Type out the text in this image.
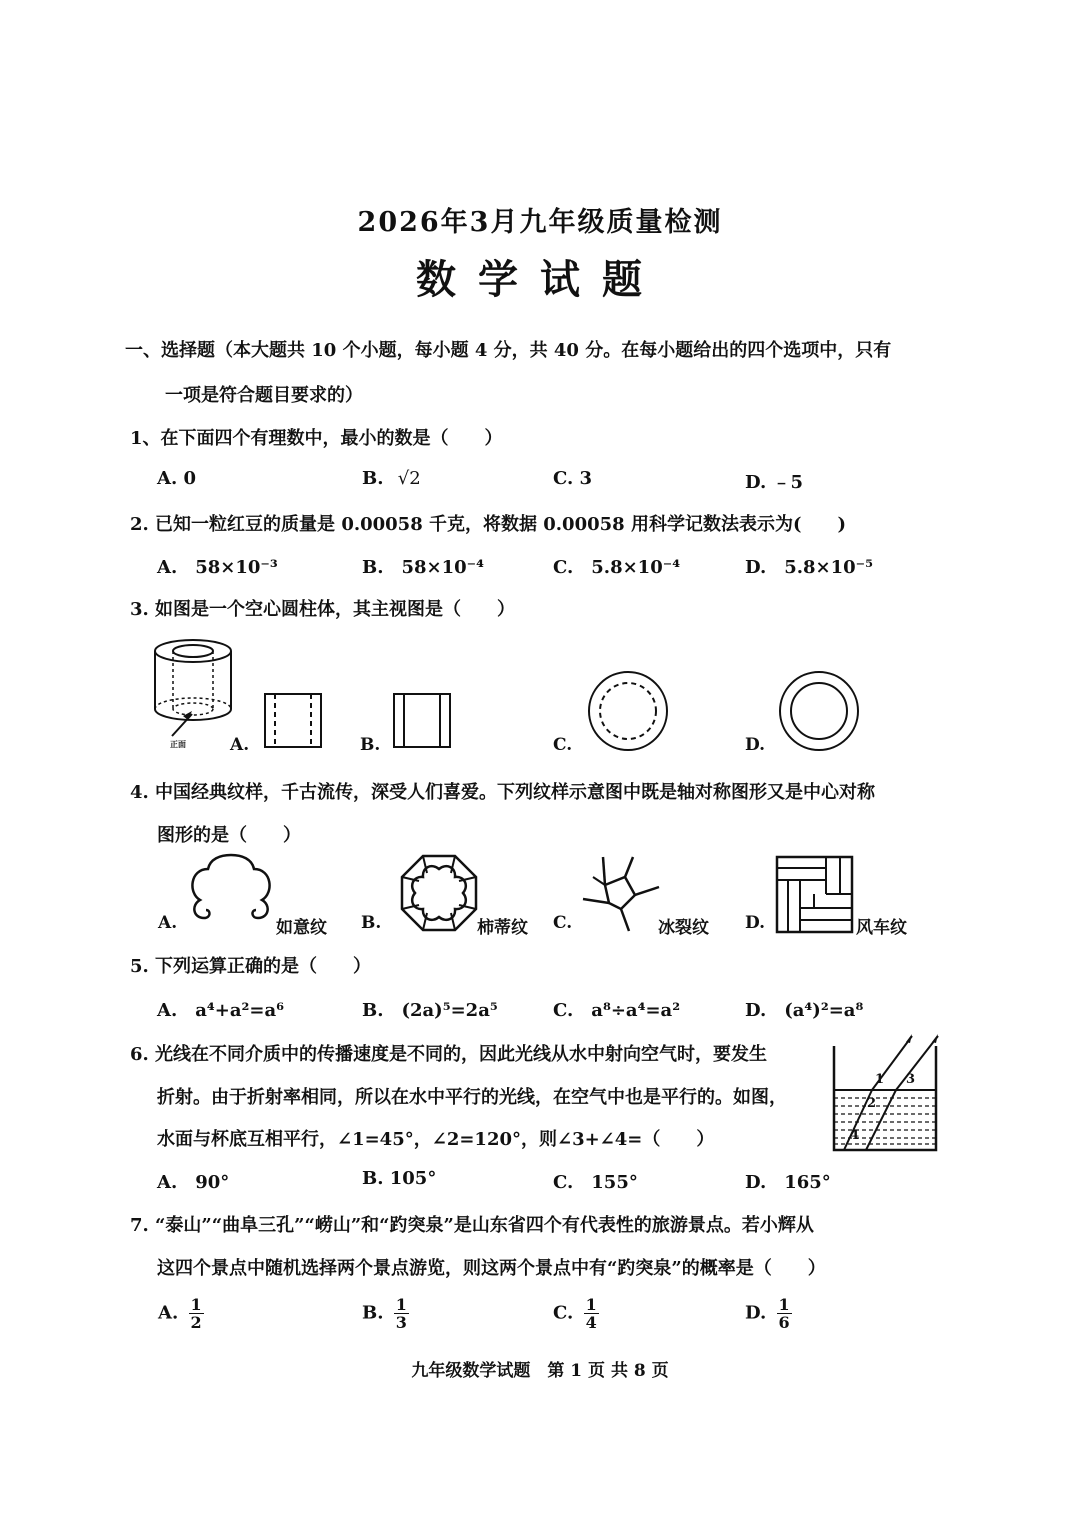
2026年3月九年级质量检测
数学试题
一、选择题（本大题共 10 个小题，每小题 4 分，共 40 分。在每小题给出的四个选项中，只有
一项是符合题目要求的）
1、在下面四个有理数中，最小的数是（　　）
A. 0	B. √2	C. 3	D. ﹣5
2. 已知一粒红豆的质量是 0.00058 千克，将数据 0.00058 用科学记数法表示为(　　)
A.　58×10⁻³	B.　58×10⁻⁴	C.　5.8×10⁻⁴	D.　5.8×10⁻⁵
3. 如图是一个空心圆柱体，其主视图是（　　）
正面	A.	B.	C.	D.
4. 中国经典纹样，千古流传，深受人们喜爱。下列纹样示意图中既是轴对称图形又是中心对称
图形的是（　　）
A.	如意纹 B.	柿蒂纹 C.	冰裂纹 D.	风车纹
5. 下列运算正确的是（　　）
A.　a⁴+a²=a⁶	B.　(2a)⁵=2a⁵	C.　a⁸÷a⁴=a²	D.　(a⁴)²=a⁸
6. 光线在不同介质中的传播速度是不同的，因此光线从水中射向空气时，要发生
折射。由于折射率相同，所以在水中平行的光线，在空气中也是平行的。如图，
水面与杯底互相平行，∠1=45°，∠2=120°，则∠3+∠4=（　　）
1
2
3
4
A.　90°	B. 105°	C.　155°	D.　165°
7. “泰山”“曲阜三孔”“崂山”和“趵突泉”是山东省四个有代表性的旅游景点。若小辉从
这四个景点中随机选择两个景点游览，则这两个景点中有“趵突泉”的概率是（　　）
A. $\frac{1}{2}$	B. $\frac{1}{3}$	C. $\frac{1}{4}$	D. $\frac{1}{6}$
九年级数学试题　第 1 页 共 8 页
